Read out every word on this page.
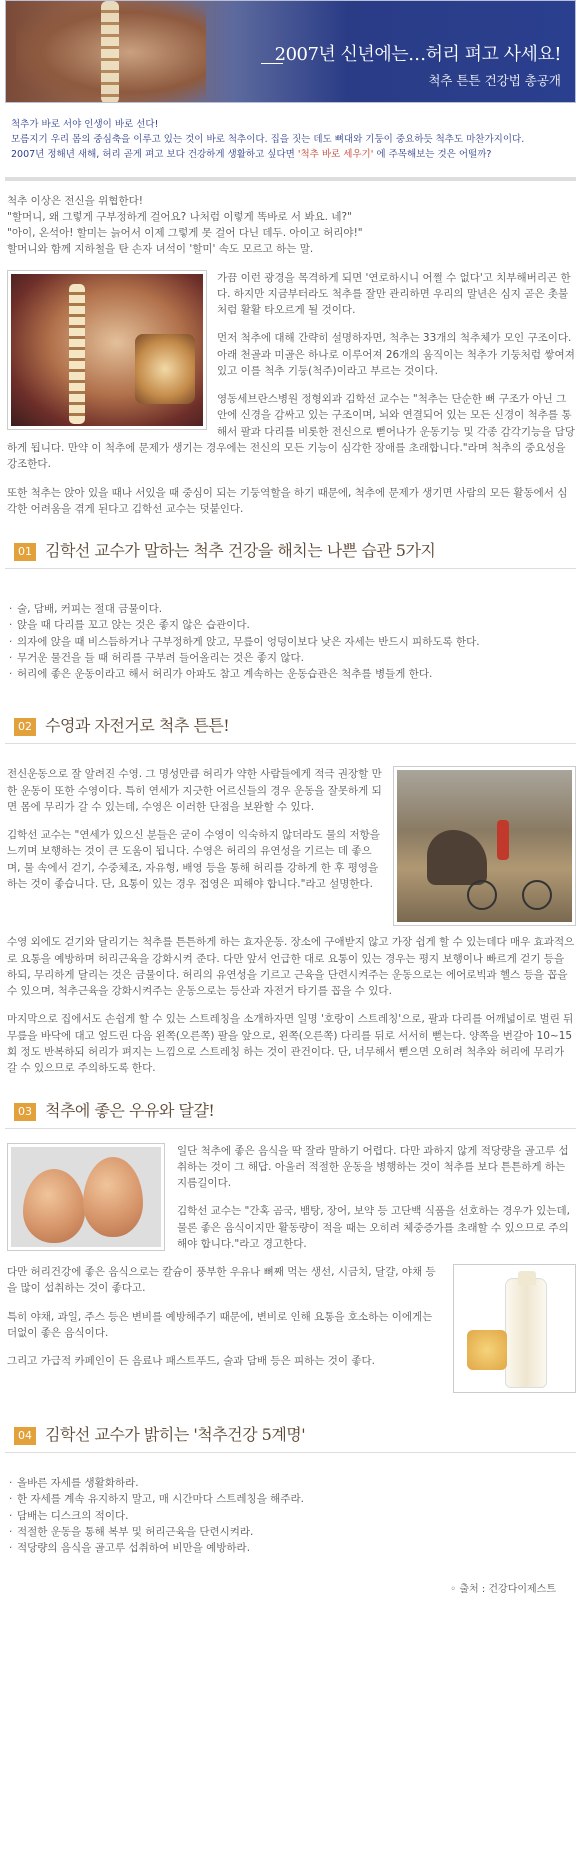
2007년 신년에는…허리 펴고 사세요!
척추 튼튼 건강법 총공개
척추가 바로 서야 인생이 바로 선다!
모름지기 우리 몸의 중심축을 이루고 있는 것이 바로 척추이다. 집을 짓는 데도 뼈대와 기둥이 중요하듯 척추도 마찬가지이다.
2007년 정해년 새해, 허리 곧게 펴고 보다 건강하게 생활하고 싶다면 '척추 바로 세우기' 에 주목해보는 것은 어떨까?

척추 이상은 전신을 위협한다!
"할머니, 왜 그렇게 구부정하게 걸어요? 나처럼 이렇게 똑바로 서 봐요. 네?"
"아이, 온석아! 할미는 늙어서 이제 그렇게 못 걸어 다닌 데두. 아이고 허리야!"
할머니와 함께 지하철을 탄 손자 녀석이 '할미' 속도 모르고 하는 말.

가끔 이런 광경을 목격하게 되면 '연로하시니 어쩔 수 없다'고 치부해버리곤 한다. 하지만 지금부터라도 척추를 잘만 관리하면 우리의 말년은 심지 곧은 촛불처럼 활활 타오르게 될 것이다.

먼저 척추에 대해 간략히 설명하자면, 척추는 33개의 척추체가 모인 구조이다. 아래 천골과 미골은 하나로 이루어져 26개의 움직이는 척추가 기둥처럼 쌓여져 있고 이를 척추 기둥(척주)이라고 부르는 것이다.

영동세브란스병원 정형외과 김학선 교수는 "척추는 단순한 뼈 구조가 아닌 그 안에 신경을 감싸고 있는 구조이며, 뇌와 연결되어 있는 모든 신경이 척추를 통해서 팔과 다리를 비롯한 전신으로 뻗어나가 운동기능 및 각종 감각기능을 담당하게 됩니다. 만약 이 척추에 문제가 생기는 경우에는 전신의 모든 기능이 심각한 장애를 초래합니다."라며 척추의 중요성을 강조한다.

또한 척추는 앉아 있을 때나 서있을 때 중심이 되는 기둥역할을 하기 때문에, 척추에 문제가 생기면 사람의 모든 활동에서 심각한 어려움을 겪게 된다고 김학선 교수는 덧붙인다.

01 김학선 교수가 말하는 척추 건강을 해치는 나쁜 습관 5가지
· 술, 담배, 커피는 절대 금물이다.
· 앉을 때 다리를 꼬고 앉는 것은 좋지 않은 습관이다.
· 의자에 앉을 때 비스듬하거나 구부정하게 앉고, 무릎이 엉덩이보다 낮은 자세는 반드시 피하도록 한다.
· 무거운 물건을 들 때 허리를 구부려 들어올리는 것은 좋지 않다.
· 허리에 좋은 운동이라고 해서 허리가 아파도 참고 계속하는 운동습관은 척추를 병들게 한다.
02 수영과 자전거로 척추 튼튼!

전신운동으로 잘 알려진 수영. 그 명성만큼 허리가 약한 사람들에게 적극 권장할 만한 운동이 또한 수영이다. 특히 연세가 지긋한 어르신들의 경우 운동을 잘못하게 되면 몸에 무리가 갈 수 있는데, 수영은 이러한 단점을 보완할 수 있다.

김학선 교수는 "연세가 있으신 분들은 굳이 수영이 익숙하지 않더라도 물의 저항을 느끼며 보행하는 것이 큰 도움이 됩니다. 수영은 허리의 유연성을 기르는 데 좋으며, 물 속에서 걷기, 수중체조, 자유형, 배영 등을 통해 허리를 강하게 한 후 평영을 하는 것이 좋습니다. 단, 요통이 있는 경우 접영은 피해야 합니다."라고 설명한다.

수영 외에도 걷기와 달리기는 척추를 튼튼하게 하는 효자운동. 장소에 구애받지 않고 가장 쉽게 할 수 있는데다 매우 효과적으로 요통을 예방하며 허리근육을 강화시켜 준다. 다만 앞서 언급한 대로 요통이 있는 경우는 평지 보행이나 빠르게 걷기 등을 하되, 무리하게 달리는 것은 금물이다. 허리의 유연성을 기르고 근육을 단련시켜주는 운동으로는 에어로빅과 헬스 등을 꼽을 수 있으며, 척추근육을 강화시켜주는 운동으로는 등산과 자전거 타기를 꼽을 수 있다.

마지막으로 집에서도 손쉽게 할 수 있는 스트레칭을 소개하자면 일명 '호랑이 스트레칭'으로, 팔과 다리를 어깨넓이로 벌린 뒤 무릎을 바닥에 대고 엎드린 다음 왼쪽(오른쪽) 팔을 앞으로, 왼쪽(오른쪽) 다리를 뒤로 서서히 뻗는다. 양쪽을 번갈아 10~15회 정도 반복하되 허리가 펴지는 느낌으로 스트레칭 하는 것이 관건이다. 단, 너무해서 뻗으면 오히려 척추와 허리에 무리가 갈 수 있으므로 주의하도록 한다.

03 척추에 좋은 우유와 달걀!

일단 척추에 좋은 음식을 딱 잘라 말하기 어렵다. 다만 과하지 않게 적당량을 골고루 섭취하는 것이 그 해답. 아울러 적절한 운동을 병행하는 것이 척추를 보다 튼튼하게 하는 지름길이다.

김학선 교수는 "간혹 곰국, 뱀탕, 장어, 보약 등 고단백 식품을 선호하는 경우가 있는데, 물론 좋은 음식이지만 활동량이 적을 때는 오히려 체중증가를 초래할 수 있으므로 주의해야 합니다."라고 경고한다.

다만 허리건강에 좋은 음식으로는 칼슘이 풍부한 우유나 뼈째 먹는 생선, 시금치, 달걀, 야채 등을 많이 섭취하는 것이 좋다고.

특히 야채, 과일, 주스 등은 변비를 예방해주기 때문에, 변비로 인해 요통을 호소하는 이에게는 더없이 좋은 음식이다.

그리고 가급적 카페인이 든 음료나 패스트푸드, 술과 담배 등은 피하는 것이 좋다.

04 김학선 교수가 밝히는 '척추건강 5계명'
· 올바른 자세를 생활화하라.
· 한 자세를 계속 유지하지 말고, 매 시간마다 스트레칭을 해주라.
· 담배는 디스크의 적이다.
· 적절한 운동을 통해 복부 및 허리근육을 단련시켜라.
· 적당량의 음식을 골고루 섭취하여 비만을 예방하라.
◦ 출처 : 건강다이제스트
